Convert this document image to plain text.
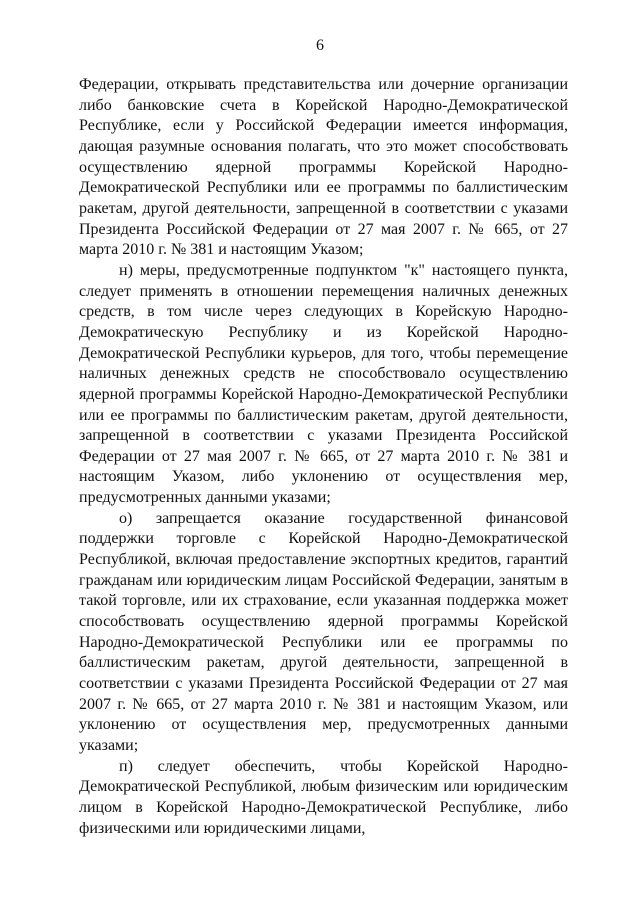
6

Федерации, открывать представительства или дочерние организации либо банковские счета в Корейской Народно-Демократической Республике, если у Российской Федерации имеется информация, дающая разумные основания полагать, что это может способствовать осуществлению ядерной программы Корейской Народно-Демократической Республики или ее программы по баллистическим ракетам, другой деятельности, запрещенной в соответствии с указами Президента Российской Федерации от 27 мая 2007 г. № 665, от 27 марта 2010 г. № 381 и настоящим Указом;

н) меры, предусмотренные подпунктом "к" настоящего пункта, следует применять в отношении перемещения наличных денежных средств, в том числе через следующих в Корейскую Народно-Демократическую Республику и из Корейской Народно-Демократической Республики курьеров, для того, чтобы перемещение наличных денежных средств не способствовало осуществлению ядерной программы Корейской Народно-Демократической Республики или ее программы по баллистическим ракетам, другой деятельности, запрещенной в соответствии с указами Президента Российской Федерации от 27 мая 2007 г. № 665, от 27 марта 2010 г. № 381 и настоящим Указом, либо уклонению от осуществления мер, предусмотренных данными указами;

о) запрещается оказание государственной финансовой поддержки торговле с Корейской Народно-Демократической Республикой, включая предоставление экспортных кредитов, гарантий гражданам или юридическим лицам Российской Федерации, занятым в такой торговле, или их страхование, если указанная поддержка может способствовать осуществлению ядерной программы Корейской Народно-Демократической Республики или ее программы по баллистическим ракетам, другой деятельности, запрещенной в соответствии с указами Президента Российской Федерации от 27 мая 2007 г. № 665, от 27 марта 2010 г. № 381 и настоящим Указом, или уклонению от осуществления мер, предусмотренных данными указами;

п) следует обеспечить, чтобы Корейской Народно-Демократической Республикой, любым физическим или юридическим лицом в Корейской Народно-Демократической Республике, либо физическими или юридическими лицами,
